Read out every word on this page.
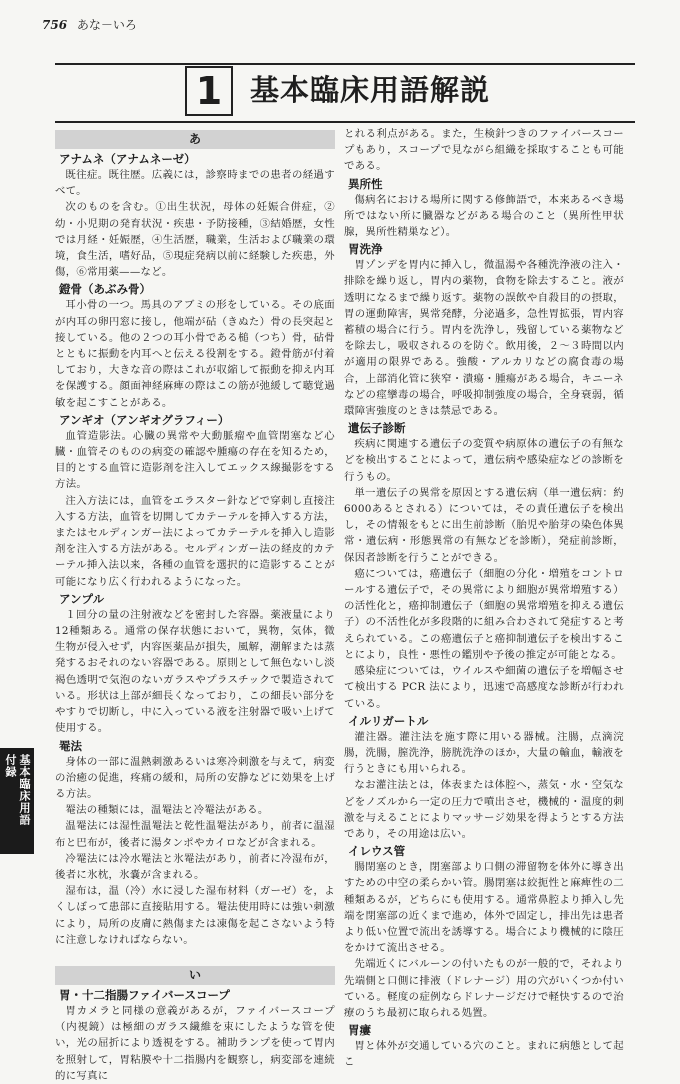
756 あな－いろ
1 基本臨床用語解説
あ
アナムネ（アナムネーゼ）

既往症。既往歴。広義には，診察時までの患者の経過すべて。

次のものを含む。①出生状況，母体の妊娠合併症，②幼・小児期の発育状況・疾患・予防接種，③結婚歴，女性では月経・妊娠歴，④生活歴，職業，生活および職業の環境，食生活，嗜好品，⑤現症発病以前に経験した疾患，外傷，⑥常用薬——など。

鐙骨（あぶみ骨）

耳小骨の一つ。馬具のアブミの形をしている。その底面が内耳の卵円窓に接し，他端が砧（きぬた）骨の長突起と接している。他の２つの耳小骨である槌（つち）骨，砧骨とともに振動を内耳へと伝える役割をする。鐙骨筋が付着しており，大きな音の際はこれが収縮して振動を抑え内耳を保護する。顔面神経麻痺の際はこの筋が弛緩して聴覚過敏を起こすことがある。

アンギオ（アンギオグラフィー）

血管造影法。心臓の異常や大動脈瘤や血管閉塞など心臓・血管そのものの病変の確認や腫瘍の存在を知るため，目的とする血管に造影剤を注入してエックス線撮影をする方法。

注入方法には，血管をエラスター針などで穿刺し直接注入する方法，血管を切開してカテーテルを挿入する方法，またはセルディンガー法によってカテーテルを挿入し造影剤を注入する方法がある。セルディンガー法の経皮的カテーテル挿入法以来，各種の血管を選択的に造影することが可能になり広く行われるようになった。

アンプル

１回分の量の注射液などを密封した容器。薬液量により12種類ある。通常の保存状態において，異物，気体，微生物が侵入せず，内容医薬品が損失，風解，潮解または蒸発するおそれのない容器である。原則として無色ないし淡褐色透明で気泡のないガラスやプラスチックで製造されている。形状は上部が細長くなっており，この細長い部分をやすりで切断し，中に入っている液を注射器で吸い上げて使用する。

罨法

身体の一部に温熱刺激あるいは寒冷刺激を与えて，病変の治癒の促進，疼痛の緩和，局所の安静などに効果を上げる方法。

罨法の種類には，温罨法と冷罨法がある。

温罨法には湿性温罨法と乾性温罨法があり，前者に温湿布と巴布が，後者に湯タンポやカイロなどが含まれる。

冷罨法には冷水罨法と氷罨法があり，前者に冷湿布が，後者に氷枕，氷嚢が含まれる。

湿布は，温（冷）水に浸した湿布材料（ガーゼ）を，よくしぼって患部に直接貼用する。罨法使用時には強い刺激により，局所の皮膚に熱傷または凍傷を起こさないよう特に注意しなければならない。

い
胃・十二指腸ファイバースコープ

胃カメラと同様の意義があるが，ファイバースコープ（内視鏡）は極細のガラス繊維を束にしたような管を使い，光の屈折により透視をする。補助ランプを使って胃内を照射して，胃粘膜や十二指腸内を観察し，病変部を連続的に写真に

とれる利点がある。また，生検針つきのファイバースコープもあり，スコープで見ながら組織を採取することも可能である。

異所性

傷病名における場所に関する修飾語で，本来あるべき場所ではない所に臓器などがある場合のこと（異所性甲状腺，異所性精巣など）。

胃洗浄

胃ゾンデを胃内に挿入し，微温湯や各種洗浄液の注入・排除を繰り返し，胃内の薬物，食物を除去すること。液が透明になるまで繰り返す。薬物の誤飲や自殺目的の摂取，胃の運動障害，異常発酵，分泌過多，急性胃拡張，胃内容蓄積の場合に行う。胃内を洗浄し，残留している薬物などを除去し，吸収されるのを防ぐ。飲用後，２～３時間以内が適用の限界である。強酸・アルカリなどの腐食毒の場合，上部消化管に狭窄・潰瘍・腫瘍がある場合，キニーネなどの痙攣毒の場合，呼吸抑制強度の場合，全身衰弱，循環障害強度のときは禁忌である。

遺伝子診断

疾病に関連する遺伝子の変質や病原体の遺伝子の有無などを検出することによって，遺伝病や感染症などの診断を行うもの。

単一遺伝子の異常を原因とする遺伝病（単一遺伝病：約6000あるとされる）については，その責任遺伝子を検出し，その情報をもとに出生前診断（胎児や胎芽の染色体異常・遺伝病・形態異常の有無などを診断），発症前診断，保因者診断を行うことができる。

癌については，癌遺伝子（細胞の分化・増殖をコントロールする遺伝子で，その異常により細胞が異常増殖する）の活性化と，癌抑制遺伝子（細胞の異常増殖を抑える遺伝子）の不活性化が多段階的に組み合わされて発症すると考えられている。この癌遺伝子と癌抑制遺伝子を検出することにより，良性・悪性の鑑別や予後の推定が可能となる。

感染症については，ウイルスや細菌の遺伝子を増幅させて検出する PCR 法により，迅速で高感度な診断が行われている。

イルリガートル

灌注器。灌注法を施す際に用いる器械。注腸，点滴浣腸，洗腸，膣洗浄，膀胱洗浄のほか，大量の輸血，輸液を行うときにも用いられる。

なお灌注法とは，体表または体腔へ，蒸気・水・空気などをノズルから一定の圧力で噴出させ，機械的・温度的刺激を与えることによりマッサージ効果を得ようとする方法であり，その用途は広い。

イレウス管

腸閉塞のとき，閉塞部より口側の滞留物を体外に導き出すための中空の柔らかい管。腸閉塞は絞扼性と麻痺性の二種類あるが，どちらにも使用する。通常鼻腔より挿入し先端を閉塞部の近くまで進め，体外で固定し，排出先は患者より低い位置で流出を誘導する。場合により機械的に陰圧をかけて流出させる。

先端近くにバルーンの付いたものが一般的で，それより先端側と口側に排液（ドレナージ）用の穴がいくつか付いている。軽度の症例ならドレナージだけで軽快するので治療のうち最初に取られる処置。

胃瘻

胃と体外が交通している穴のこと。まれに病態として起こ

基本臨床用語
付録
